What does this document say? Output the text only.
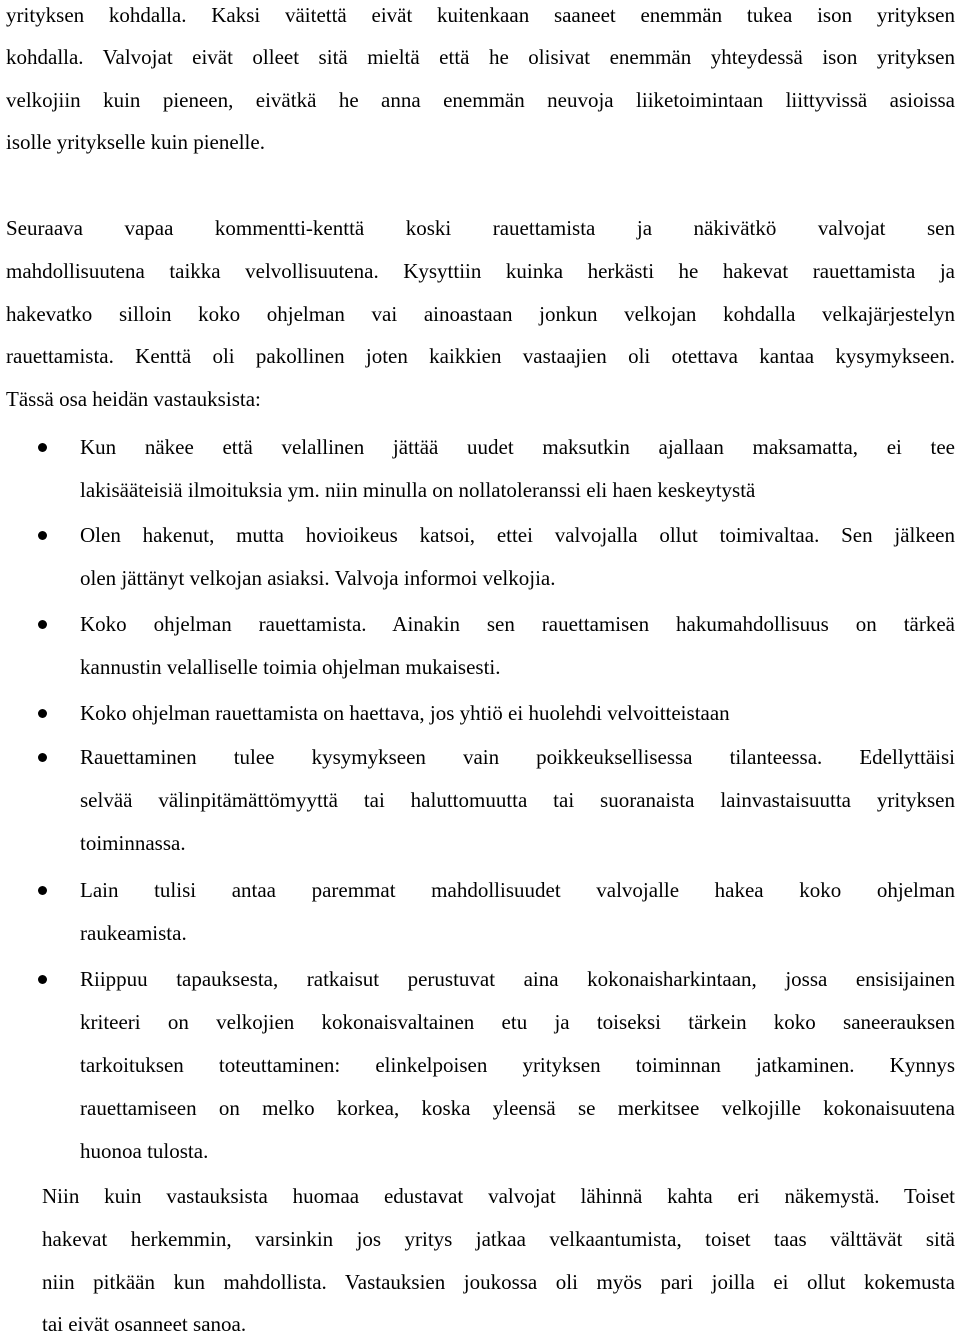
yrityksen kohdalla. Kaksi väitettä eivät kuitenkaan saaneet enemmän tukea ison yrityksen
kohdalla. Valvojat eivät olleet sitä mieltä että he olisivat enemmän yhteydessä ison yrityksen
velkojiin kuin pieneen, eivätkä he anna enemmän neuvoja liiketoimintaan liittyvissä asioissa
isolle yritykselle kuin pienelle.
Seuraava vapaa kommentti-kenttä koski rauettamista ja näkivätkö valvojat sen
mahdollisuutena taikka velvollisuutena. Kysyttiin kuinka herkästi he hakevat rauettamista ja
hakevatko silloin koko ohjelman vai ainoastaan jonkun velkojan kohdalla velkajärjestelyn
rauettamista. Kenttä oli pakollinen joten kaikkien vastaajien oli otettava kantaa kysymykseen.
Tässä osa heidän vastauksista:
Kun näkee että velallinen jättää uudet maksutkin ajallaan maksamatta, ei tee
lakisääteisiä ilmoituksia ym. niin minulla on nollatoleranssi eli haen keskeytystä
Olen hakenut, mutta hovioikeus katsoi, ettei valvojalla ollut toimivaltaa. Sen jälkeen
olen jättänyt velkojan asiaksi. Valvoja informoi velkojia.
Koko ohjelman rauettamista. Ainakin sen rauettamisen hakumahdollisuus on tärkeä
kannustin velalliselle toimia ohjelman mukaisesti.
Koko ohjelman rauettamista on haettava, jos yhtiö ei huolehdi velvoitteistaan
Rauettaminen tulee kysymykseen vain poikkeuksellisessa tilanteessa. Edellyttäisi
selvää välinpitämättömyyttä tai haluttomuutta tai suoranaista lainvastaisuutta yrityksen
toiminnassa.
Lain tulisi antaa paremmat mahdollisuudet valvojalle hakea koko ohjelman
raukeamista.
Riippuu tapauksesta, ratkaisut perustuvat aina kokonaisharkintaan, jossa ensisijainen
kriteeri on velkojien kokonaisvaltainen etu ja toiseksi tärkein koko saneerauksen
tarkoituksen toteuttaminen: elinkelpoisen yrityksen toiminnan jatkaminen. Kynnys
rauettamiseen on melko korkea, koska yleensä se merkitsee velkojille kokonaisuutena
huonoa tulosta.
Niin kuin vastauksista huomaa edustavat valvojat lähinnä kahta eri näkemystä. Toiset
hakevat herkemmin, varsinkin jos yritys jatkaa velkaantumista, toiset taas välttävät sitä
niin pitkään kun mahdollista. Vastauksien joukossa oli myös pari joilla ei ollut kokemusta
tai eivät osanneet sanoa.
